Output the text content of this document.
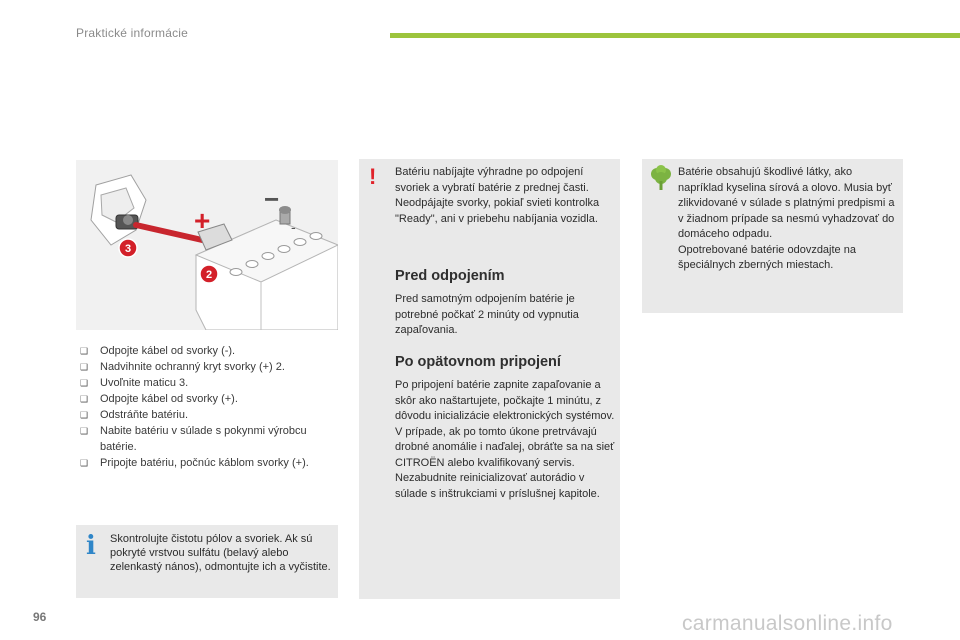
Praktické informácie
+
−
-
3
2
❑ Odpojte kábel od svorky (-).
❑ Nadvihnite ochranný kryt svorky (+) 2.
❑ Uvoľnite maticu 3.
❑ Odpojte kábel od svorky (+).
❑ Odstráňte batériu.
❑ Nabite batériu v súlade s pokynmi výrobcu batérie.
❑ Pripojte batériu, počnúc káblom svorky (+).
i Skontrolujte čistotu pólov a svoriek. Ak sú pokryté vrstvou sulfátu (belavý alebo zelenkastý nános), odmontujte ich a vyčistite.
! Batériu nabíjajte výhradne po odpojení svoriek a vybratí batérie z prednej časti. Neodpájajte svorky, pokiaľ svieti kontrolka "Ready", ani v priebehu nabíjania vozidla.
Pred odpojením
Pred samotným odpojením batérie je potrebné počkať 2 minúty od vypnutia zapaľovania.
Po opätovnom pripojení
Po pripojení batérie zapnite zapaľovanie a skôr ako naštartujete, počkajte 1 minútu, z dôvodu inicializácie elektronických systémov. V prípade, ak po tomto úkone pretrvávajú drobné anomálie i naďalej, obráťte sa na sieť CITROËN alebo kvalifikovaný servis. Nezabudnite reinicializovať autorádio v súlade s inštrukciami v príslušnej kapitole.
Batérie obsahujú škodlivé látky, ako napríklad kyselina sírová a olovo. Musia byť zlikvidované v súlade s platnými predpismi a v žiadnom prípade sa nesmú vyhadzovať do domáceho odpadu.
Opotrebované batérie odovzdajte na špeciálnych zberných miestach.
96	carmanualsonline.info
